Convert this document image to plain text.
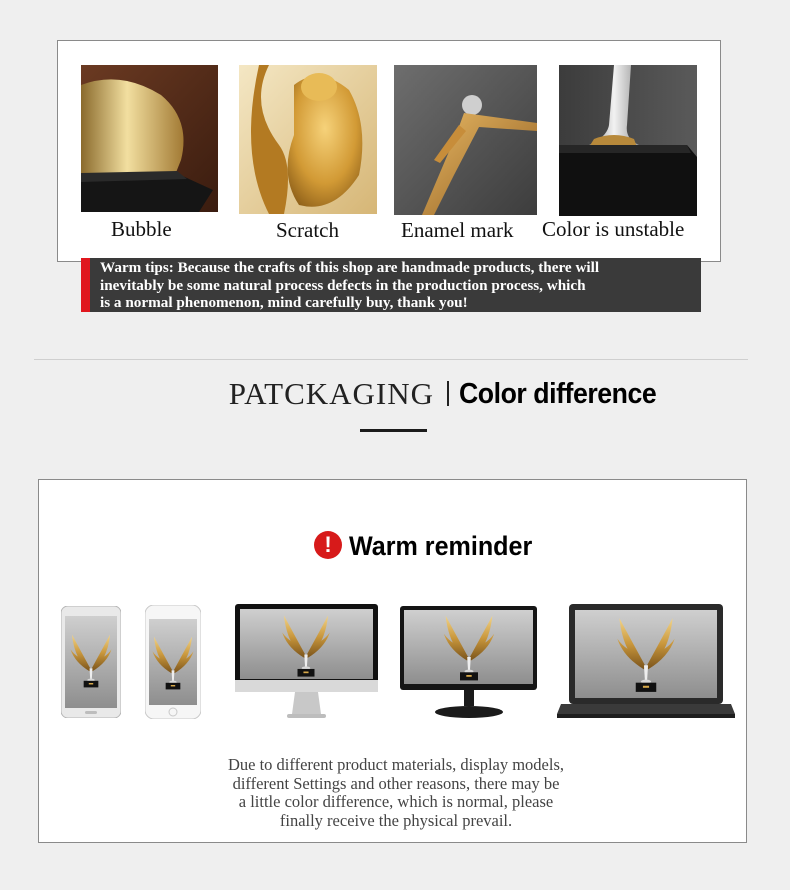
Bubble	Scratch	Enamel mark Color is unstable
Warm tips: Because the crafts of this shop are handmade products, there will
inevitably be some natural process defects in the production process, which
is a normal phenomenon, mind carefully buy, thank you!
PATCKAGING Color difference
! Warm reminder
Due to different product materials, display models,
different Settings and other reasons, there may be
a little color difference, which is normal, please
finally receive the physical prevail.
